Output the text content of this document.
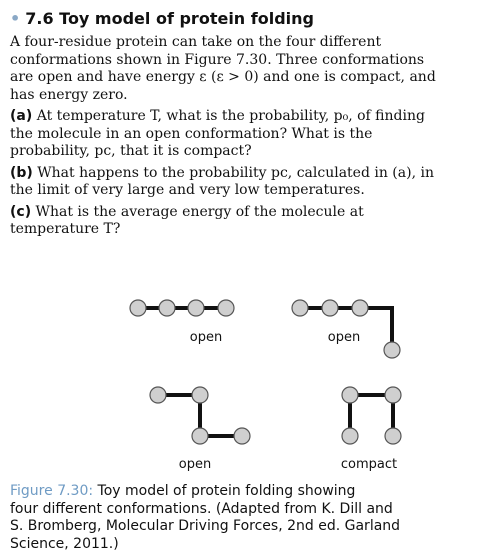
• 7.6 Toy model of protein folding

A four-residue protein can take on the four different
conformations shown in Figure 7.30. Three conformations
are open and have energy ε (ε > 0) and one is compact, and
has energy zero.

(a) At temperature T, what is the probability, p₀, of finding
the molecule in an open conformation? What is the
probability, pc, that it is compact?

(b) What happens to the probability pc, calculated in (a), in
the limit of very large and very low temperatures.

(c) What is the average energy of the molecule at
temperature T?

open	open
open	compact
Figure 7.30: Toy model of protein folding showing
four different conformations. (Adapted from K. Dill and
S. Bromberg, Molecular Driving Forces, 2nd ed. Garland
Science, 2011.)
